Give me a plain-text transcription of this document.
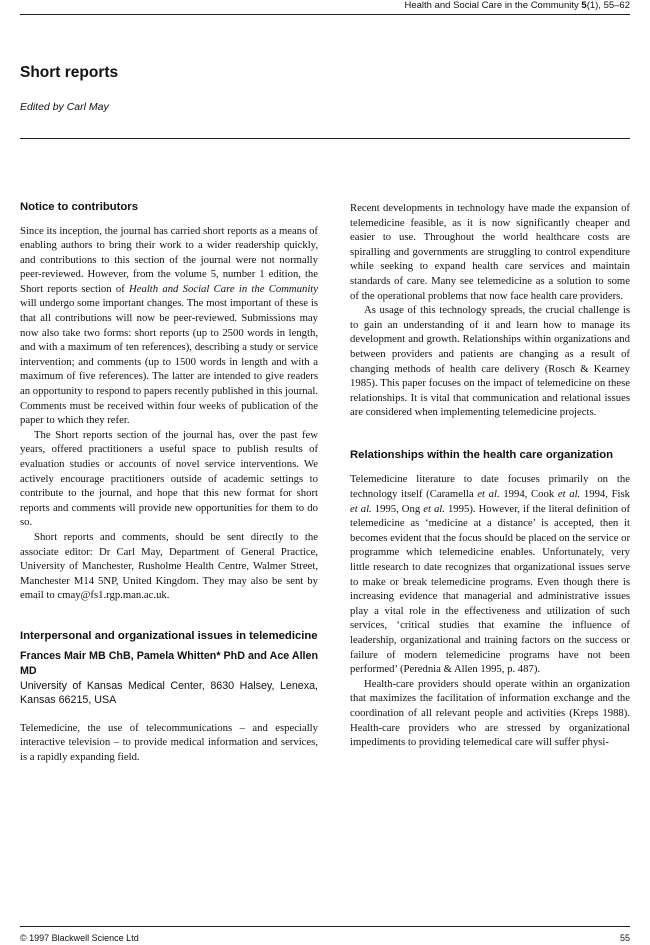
Health and Social Care in the Community 5(1), 55–62
Short reports
Edited by Carl May
Notice to contributors

Since its inception, the journal has carried short reports as a means of enabling authors to bring their work to a wider readership quickly, and contributions to this section of the journal were not normally peer-reviewed. However, from the volume 5, number 1 edition, the Short reports section of Health and Social Care in the Community will undergo some important changes. The most important of these is that all contributions will now be peer-reviewed. Submissions may now also take two forms: short reports (up to 2500 words in length, and with a maximum of ten references), describing a study or service intervention; and comments (up to 1500 words in length and with a maximum of five references). The latter are intended to give readers an opportunity to respond to papers recently published in this journal. Comments must be received within four weeks of publication of the paper to which they refer.

The Short reports section of the journal has, over the past few years, offered practitioners a useful space to publish results of evaluation studies or accounts of novel service interventions. We actively encourage practitioners outside of academic settings to contribute to the journal, and hope that this new format for short reports and comments will provide new opportunities for them to do so.

Short reports and comments, should be sent directly to the associate editor: Dr Carl May, Department of General Practice, University of Manchester, Rusholme Health Centre, Walmer Street, Manchester M14 5NP, United Kingdom. They may also be sent by email to cmay@fs1.rgp.man.ac.uk.

Interpersonal and organizational issues in telemedicine

Frances Mair MB ChB, Pamela Whitten* PhD and Ace Allen MD

University of Kansas Medical Center, 8630 Halsey, Lenexa, Kansas 66215, USA

Telemedicine, the use of telecommunications – and especially interactive television – to provide medical information and services, is a rapidly expanding field.

Recent developments in technology have made the expansion of telemedicine feasible, as it is now significantly cheaper and easier to use. Throughout the world healthcare costs are spiralling and governments are struggling to control expenditure while seeking to expand health care services and maintain standards of care. Many see telemedicine as a solution to some of the operational problems that now face health care providers.

As usage of this technology spreads, the crucial challenge is to gain an understanding of it and learn how to manage its development and growth. Relationships within organizations and between providers and patients are changing as a result of changing methods of health care delivery (Rosch & Kearney 1985). This paper focuses on the impact of telemedicine on these relationships. It is vital that communication and relational issues are considered when implementing telemedicine projects.

Relationships within the health care organization

Telemedicine literature to date focuses primarily on the technology itself (Caramella et al. 1994, Cook et al. 1994, Fisk et al. 1995, Ong et al. 1995). However, if the literal definition of telemedicine as ‘medicine at a distance’ is accepted, then it becomes evident that the focus should be placed on the service or programme which telemedicine enables. Unfortunately, very little research to date recognizes that organizational issues serve to make or break telemedicine programs. Even though there is increasing evidence that managerial and administrative issues play a vital role in the effectiveness and utilization of such services, ‘critical studies that examine the influence of leadership, organizational and training factors on the success or failure of modern telemedicine programs have not been performed’ (Perednia & Allen 1995, p. 487).

Health-care providers should operate within an organization that maximizes the facilitation of information exchange and the coordination of all relevant people and activities (Kreps 1988). Health-care providers who are stressed by organizational impediments to providing telemedical care will suffer physi-

© 1997 Blackwell Science Ltd	55
